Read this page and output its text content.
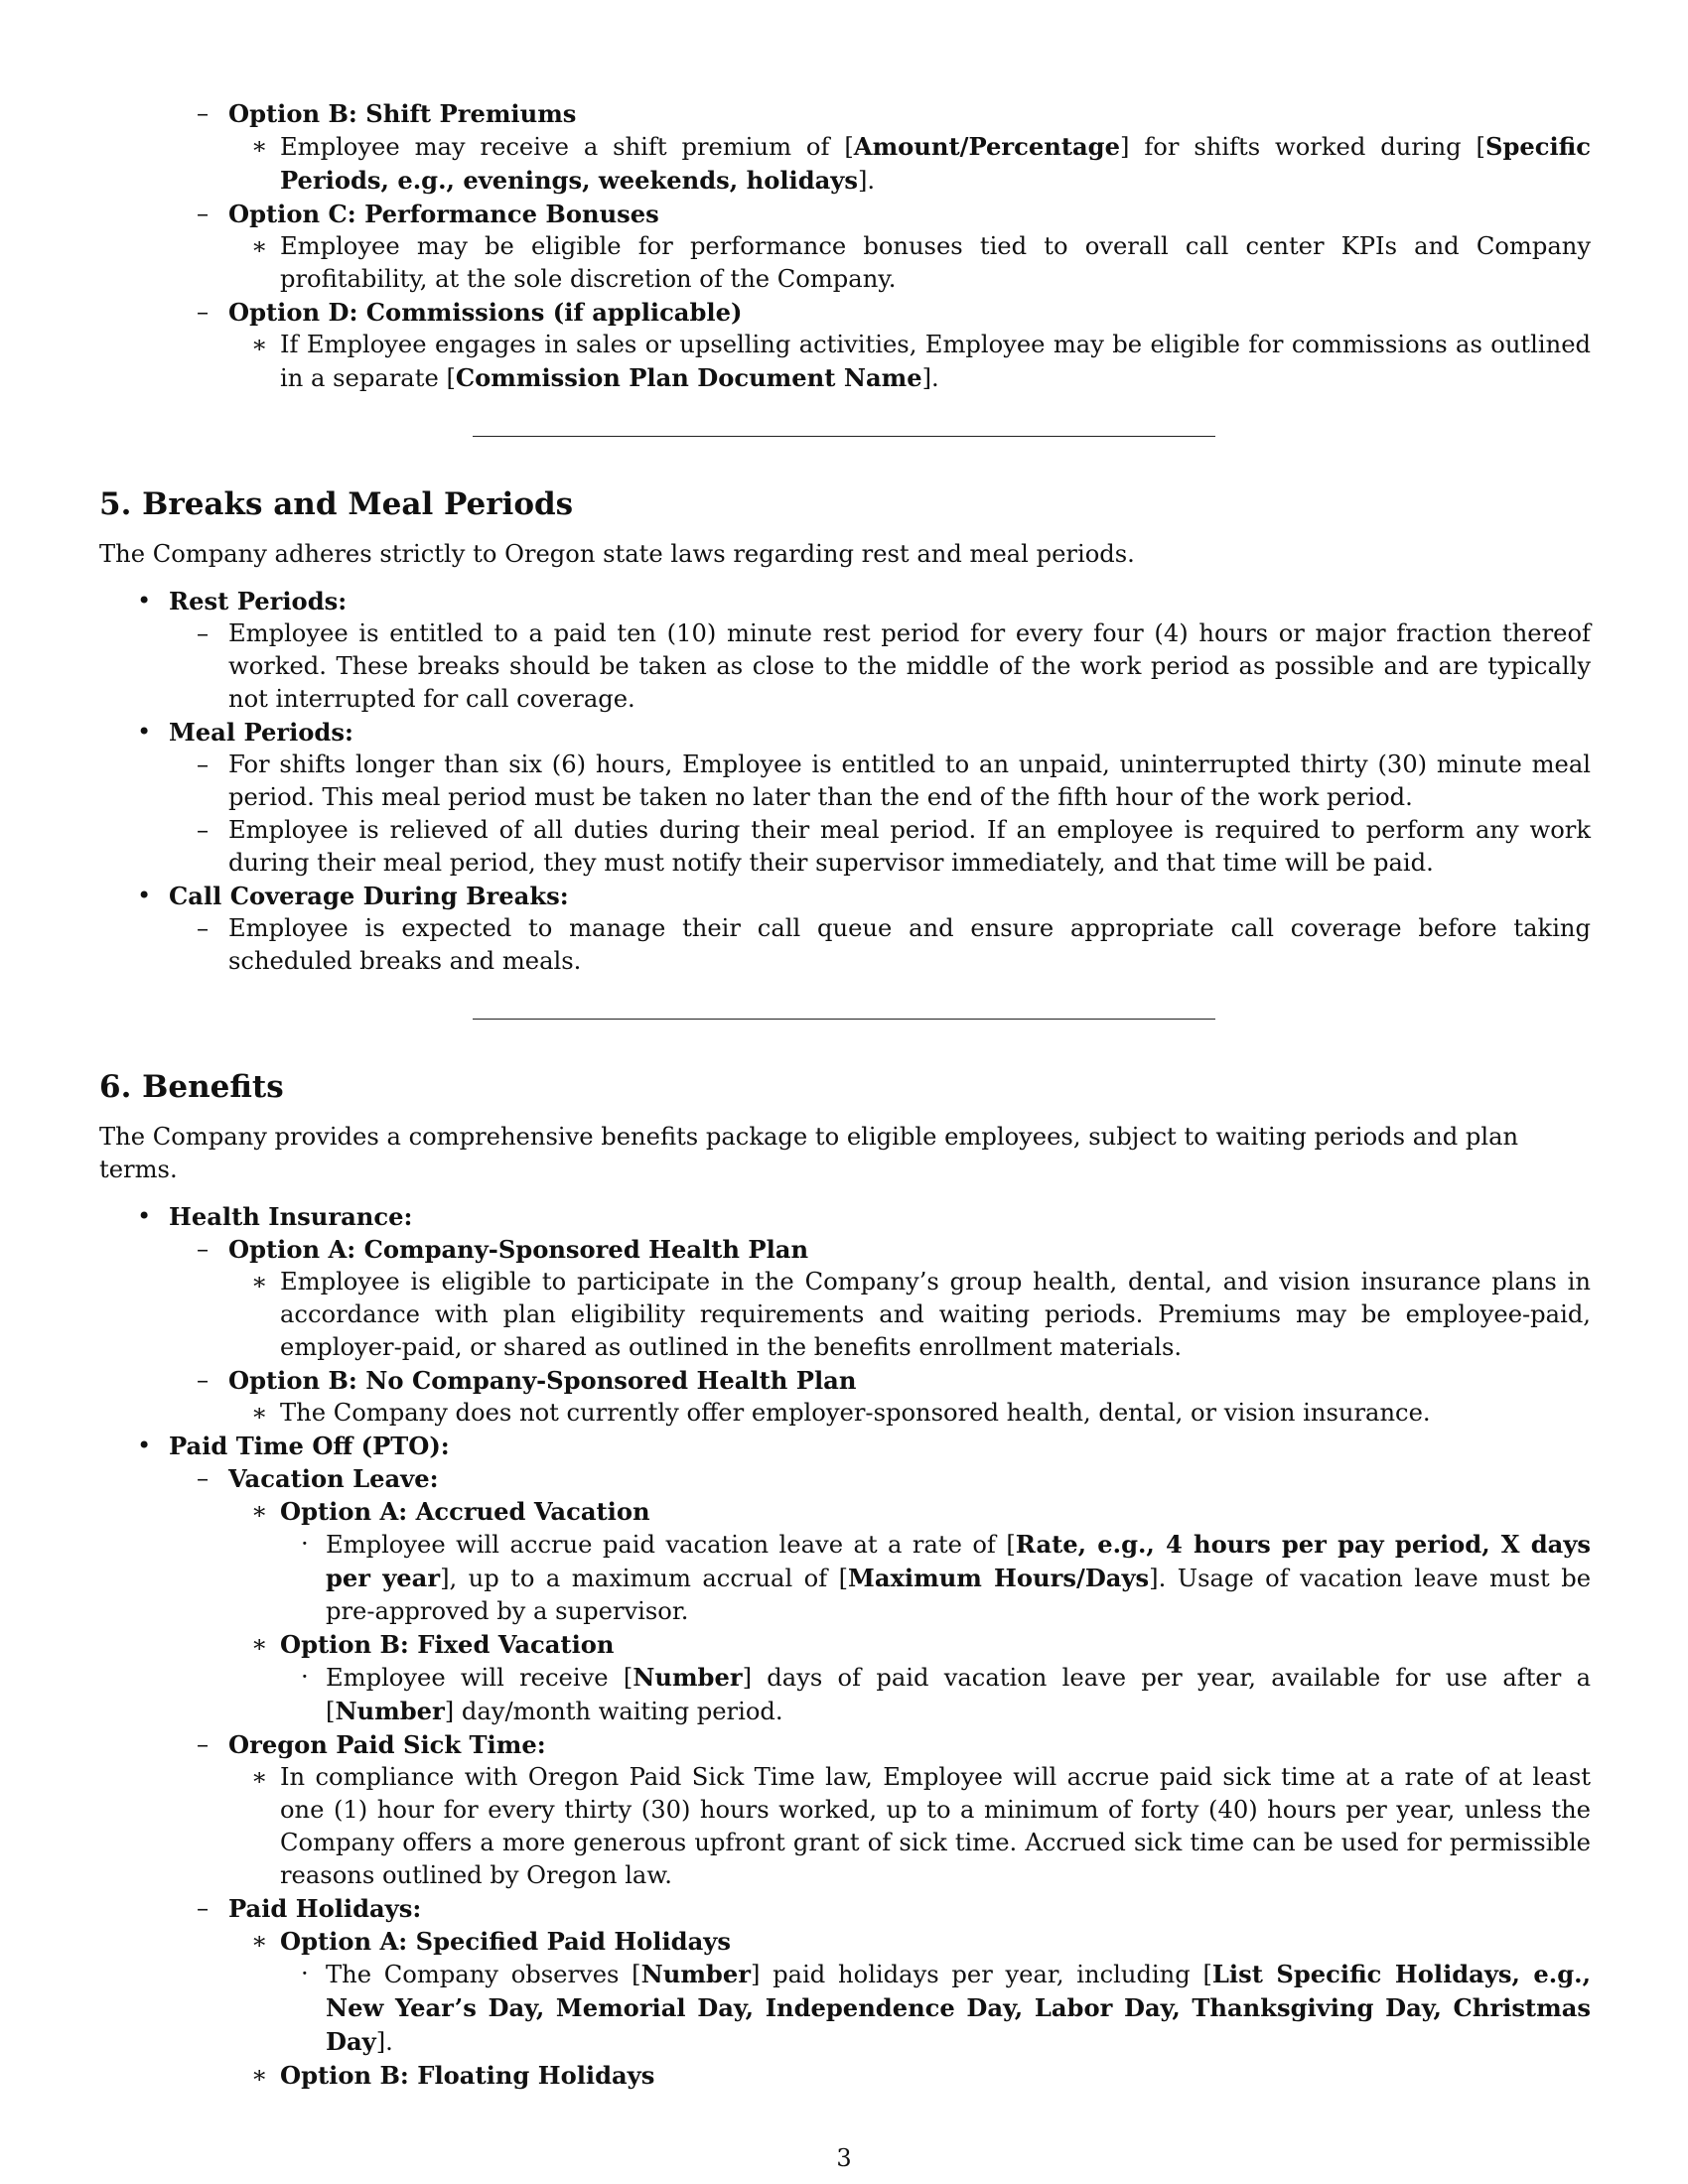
– Option B: Shift Premiums

∗ Employee may receive a shift premium of [Amount/Percentage] for shifts worked during [Specific Periods, e.g., evenings, weekends, holidays].

– Option C: Performance Bonuses

∗ Employee may be eligible for performance bonuses tied to overall call center KPIs and Company profitability, at the sole discretion of the Company.

– Option D: Commissions (if applicable)

∗ If Employee engages in sales or upselling activities, Employee may be eligible for commissions as outlined in a separate [Commission Plan Document Name].

5. Breaks and Meal Periods

The Company adheres strictly to Oregon state laws regarding rest and meal periods.

• Rest Periods:

– Employee is entitled to a paid ten (10) minute rest period for every four (4) hours or major fraction thereof worked. These breaks should be taken as close to the middle of the work period as possible and are typically not interrupted for call coverage.

• Meal Periods:

– For shifts longer than six (6) hours, Employee is entitled to an unpaid, uninterrupted thirty (30) minute meal period. This meal period must be taken no later than the end of the fifth hour of the work period.

– Employee is relieved of all duties during their meal period. If an employee is required to perform any work during their meal period, they must notify their supervisor immediately, and that time will be paid.

• Call Coverage During Breaks:

– Employee is expected to manage their call queue and ensure appropriate call coverage before taking scheduled breaks and meals.

6. Benefits

The Company provides a comprehensive benefits package to eligible employees, subject to waiting periods and plan terms.

• Health Insurance:

– Option A: Company-Sponsored Health Plan

∗ Employee is eligible to participate in the Company’s group health, dental, and vision insurance plans in accordance with plan eligibility requirements and waiting periods. Premiums may be employee-paid, employer-paid, or shared as outlined in the benefits enrollment materials.

– Option B: No Company-Sponsored Health Plan

∗ The Company does not currently offer employer-sponsored health, dental, or vision insurance.

• Paid Time Off (PTO):

– Vacation Leave:

∗ Option A: Accrued Vacation

· Employee will accrue paid vacation leave at a rate of [Rate, e.g., 4 hours per pay period, X days per year], up to a maximum accrual of [Maximum Hours/Days]. Usage of vacation leave must be pre-approved by a supervisor.

∗ Option B: Fixed Vacation

· Employee will receive [Number] days of paid vacation leave per year, available for use after a [Number] day/month waiting period.

– Oregon Paid Sick Time:

∗ In compliance with Oregon Paid Sick Time law, Employee will accrue paid sick time at a rate of at least one (1) hour for every thirty (30) hours worked, up to a minimum of forty (40) hours per year, unless the Company offers a more generous upfront grant of sick time. Accrued sick time can be used for permissible reasons outlined by Oregon law.

– Paid Holidays:

∗ Option A: Specified Paid Holidays

· The Company observes [Number] paid holidays per year, including [List Specific Holidays, e.g., New Year’s Day, Memorial Day, Independence Day, Labor Day, Thanksgiving Day, Christmas Day].

∗ Option B: Floating Holidays

3
